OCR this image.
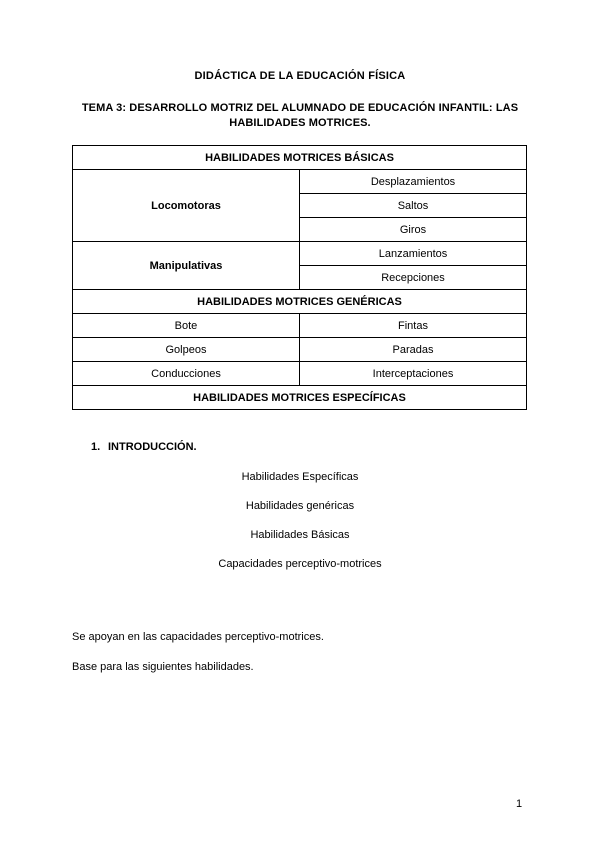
DIDÁCTICA DE LA EDUCACIÓN FÍSICA
TEMA 3: DESARROLLO MOTRIZ DEL ALUMNADO DE EDUCACIÓN INFANTIL: LAS HABILIDADES MOTRICES.
HABILIDADES MOTRICES BÁSICAS	
Locomotoras	Desplazamientos
	Saltos
	Giros
Manipulativas	Lanzamientos
	Recepciones
HABILIDADES MOTRICES GENÉRICAS	
Bote	Fintas
Golpeos	Paradas
Conducciones	Interceptaciones
HABILIDADES MOTRICES ESPECÍFICAS	
1. INTRODUCCIÓN.
Habilidades Específicas
Habilidades genéricas
Habilidades Básicas
Capacidades perceptivo-motrices
Se apoyan en las capacidades perceptivo-motrices.
Base para las siguientes habilidades.
1
